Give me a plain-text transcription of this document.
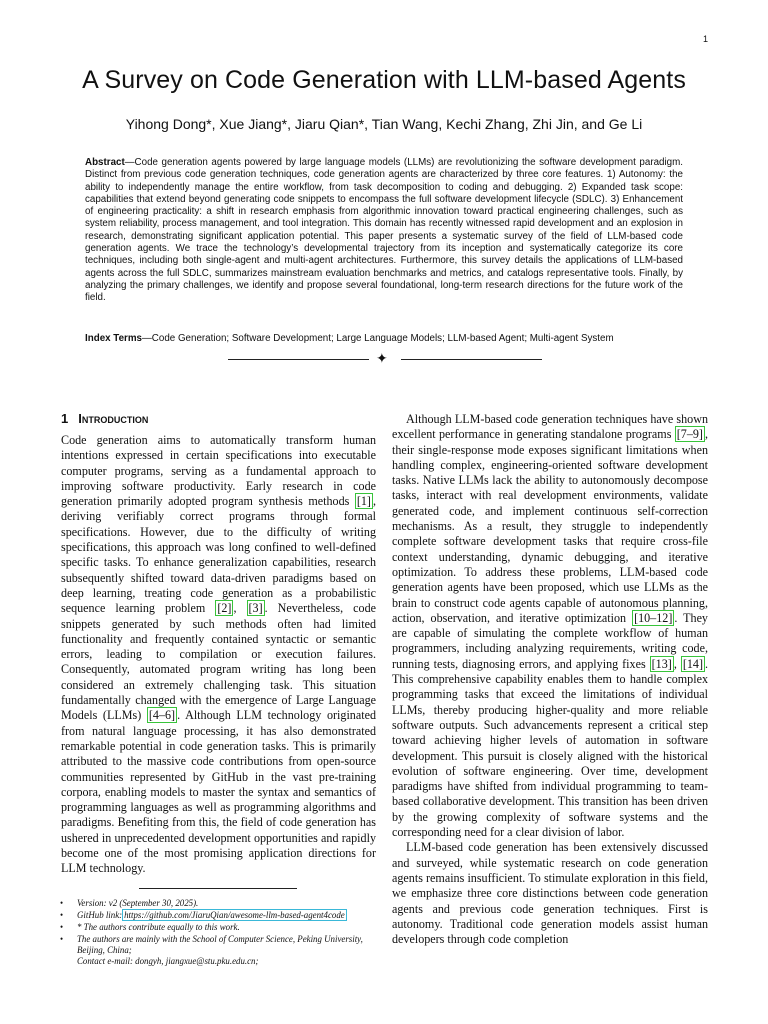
1
A Survey on Code Generation with LLM-based Agents
Yihong Dong*, Xue Jiang*, Jiaru Qian*, Tian Wang, Kechi Zhang, Zhi Jin, and Ge Li

Abstract—Code generation agents powered by large language models (LLMs) are revolutionizing the software development paradigm. Distinct from previous code generation techniques, code generation agents are characterized by three core features. 1) Autonomy: the ability to independently manage the entire workflow, from task decomposition to coding and debugging. 2) Expanded task scope: capabilities that extend beyond generating code snippets to encompass the full software development lifecycle (SDLC). 3) Enhancement of engineering practicality: a shift in research emphasis from algorithmic innovation toward practical engineering challenges, such as system reliability, process management, and tool integration. This domain has recently witnessed rapid development and an explosion in research, demonstrating significant application potential. This paper presents a systematic survey of the field of LLM-based code generation agents. We trace the technology’s developmental trajectory from its inception and systematically categorize its core techniques, including both single-agent and multi-agent architectures. Furthermore, this survey details the applications of LLM-based agents across the full SDLC, summarizes mainstream evaluation benchmarks and metrics, and catalogs representative tools. Finally, by analyzing the primary challenges, we identify and propose several foundational, long-term research directions for the future work of the field.

Index Terms—Code Generation; Software Development; Large Language Models; LLM-based Agent; Multi-agent System

✦
1 Introduction

Code generation aims to automatically transform human intentions expressed in certain specifications into executable computer programs, serving as a fundamental approach to improving software productivity. Early research in code generation primarily adopted program synthesis methods [1] , deriving verifiably correct programs through formal specifications. However, due to the difficulty of writing specifications, this approach was long confined to well-defined specific tasks. To enhance generalization capabilities, research subsequently shifted toward data-driven paradigms based on deep learning, treating code generation as a probabilistic sequence learning problem [2] , [3] . Nevertheless, code snippets generated by such methods often had limited functionality and frequently contained syntactic or semantic errors, leading to compilation or execution failures. Consequently, automated program writing has long been considered an extremely challenging task. This situation fundamentally changed with the emergence of Large Language Models (LLMs) [4–6] . Although LLM technology originated from natural language processing, it has also demonstrated remarkable potential in code generation tasks. This is primarily attributed to the massive code contributions from open-source communities represented by GitHub in the vast pre-training corpora, enabling models to master the syntax and semantics of programming languages as well as programming algorithms and paradigms. Benefiting from this, the field of code generation has ushered in unprecedented development opportunities and rapidly become one of the most promising application directions for LLM technology.

Although LLM-based code generation techniques have shown excellent performance in generating standalone programs [7–9] , their single-response mode exposes significant limitations when handling complex, engineering-oriented software development tasks. Native LLMs lack the ability to autonomously decompose tasks, interact with real development environments, validate generated code, and implement continuous self-correction mechanisms. As a result, they struggle to independently complete software development tasks that require cross-file context understanding, dynamic debugging, and iterative optimization. To address these problems, LLM-based code generation agents have been proposed, which use LLMs as the brain to construct code agents capable of autonomous planning, action, observation, and iterative optimization [10–12] . They are capable of simulating the complete workflow of human programmers, including analyzing requirements, writing code, running tests, diagnosing errors, and applying fixes [13] , [14] . This comprehensive capability enables them to handle complex programming tasks that exceed the limitations of individual LLMs, thereby producing higher-quality and more reliable software outputs. Such advancements represent a critical step toward achieving higher levels of automation in software development. This pursuit is closely aligned with the historical evolution of software engineering. Over time, development paradigms have shifted from individual programming to team-based collaborative development. This transition has been driven by the growing complexity of software systems and the corresponding need for a clear division of labor.

LLM-based code generation has been extensively discussed and surveyed, while systematic research on code generation agents remains insufficient. To stimulate exploration in this field, we emphasize three core distinctions between code generation agents and previous code generation techniques. First is autonomy. Traditional code generation models assist human developers through code completion

• Version: v2 (September 30, 2025).
• GitHub link: https://github.com/JiaruQian/awesome-llm-based-agent4code
• * The authors contribute equally to this work.
• The authors are mainly with the School of Computer Science, Peking University, Beijing, China;
Contact e-mail: dongyh, jiangxue@stu.pku.edu.cn;
